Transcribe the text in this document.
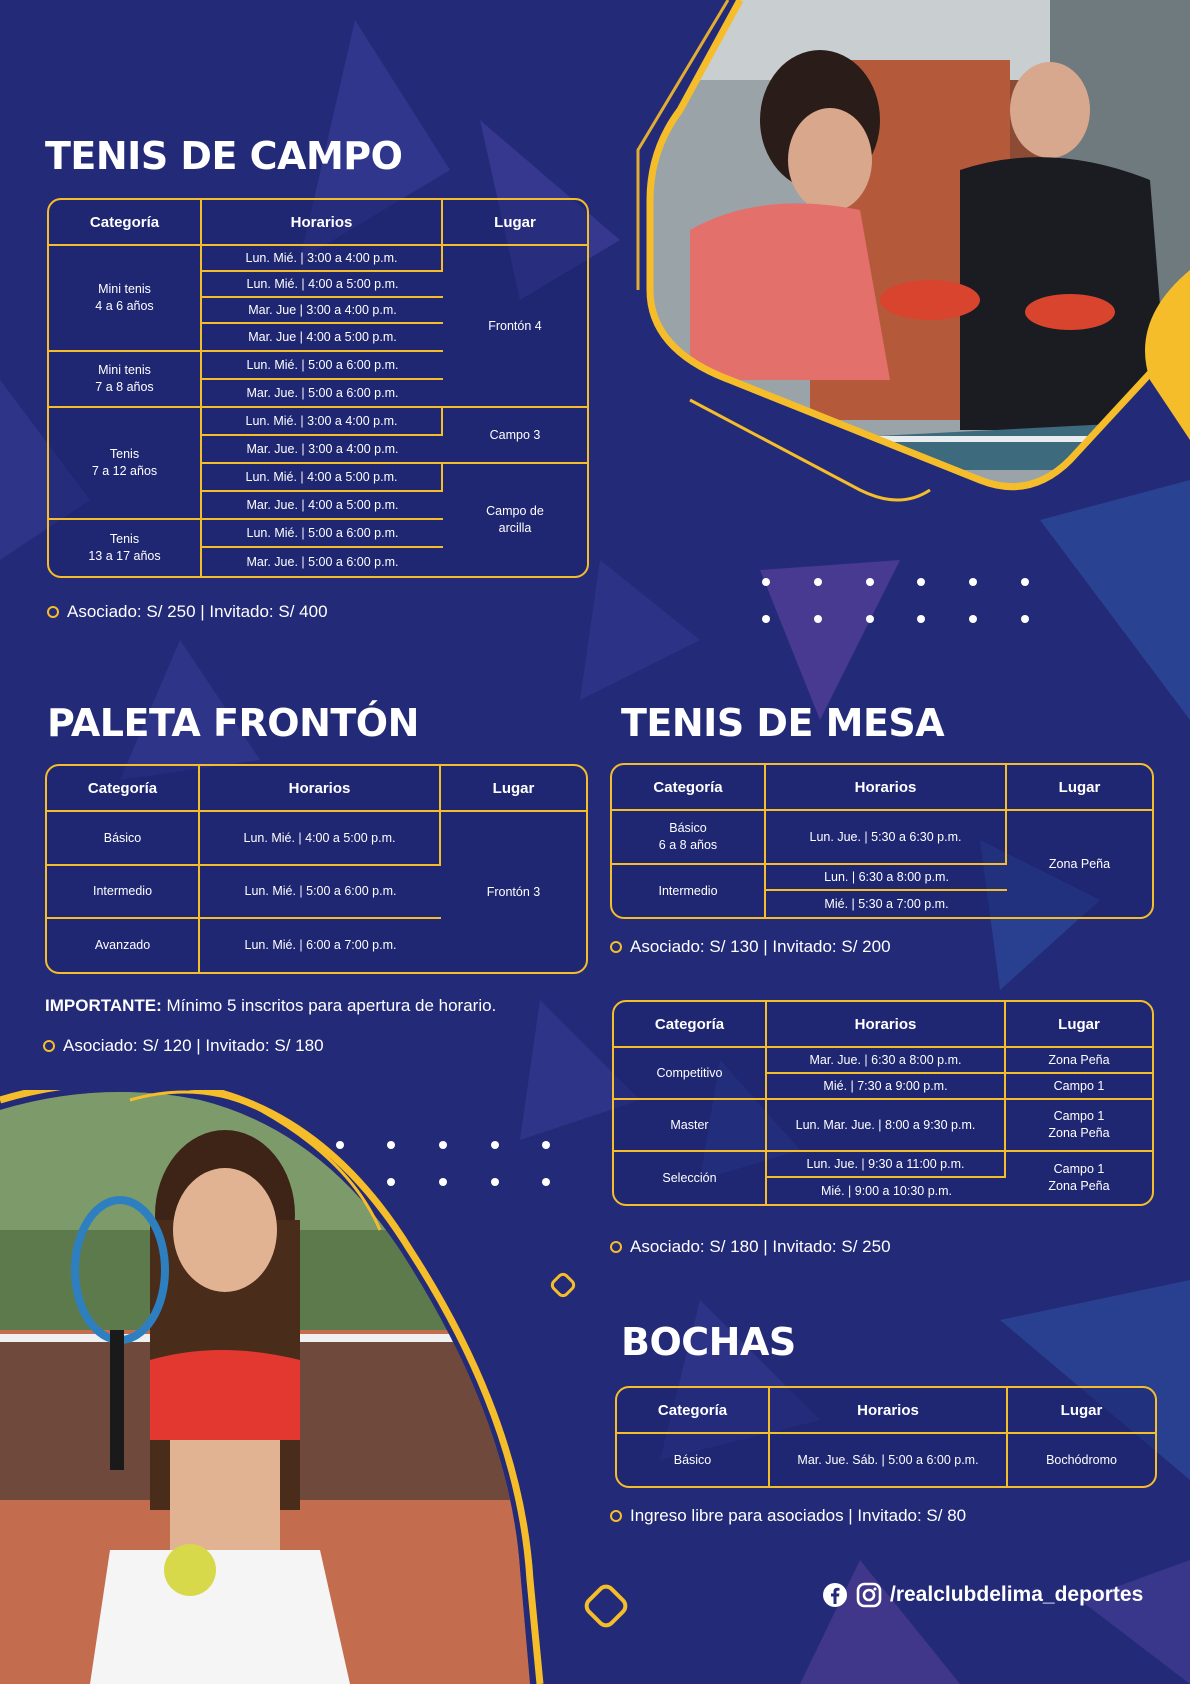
TENIS DE CAMPO
Categoría	Horarios	Lugar

Mini tenis
4 a 6 años	Lun. Mié. | 3:00 a 4:00 p.m.	Frontón 4
	Lun. Mié. | 4:00 a 5:00 p.m.	
	Mar. Jue | 3:00 a 4:00 p.m.	
	Mar. Jue | 4:00 a 5:00 p.m.	

Mini tenis
7 a 8 años	Lun. Mié. | 5:00 a 6:00 p.m.	
	Mar. Jue. | 5:00 a 6:00 p.m.	

Tenis
7 a 12 años	Lun. Mié. | 3:00 a 4:00 p.m.	Campo 3
	Mar. Jue. | 3:00 a 4:00 p.m.	
	Lun. Mié. | 4:00 a 5:00 p.m.	Campo de
arcilla

	Mar. Jue. | 4:00 a 5:00 p.m.	

Tenis
13 a 17 años	Lun. Mié. | 5:00 a 6:00 p.m.	
	Mar. Jue. | 5:00 a 6:00 p.m.	
Asociado: S/ 250 | Invitado: S/ 400
PALETA FRONTÓN
Categoría	Horarios	Lugar
Básico	Lun. Mié. | 4:00 a 5:00 p.m.	Frontón 3
Intermedio	Lun. Mié. | 5:00 a 6:00 p.m.	
Avanzado	Lun. Mié. | 6:00 a 7:00 p.m.	
IMPORTANTE: Mínimo 5 inscritos para apertura de horario.
Asociado: S/ 120 | Invitado: S/ 180
TENIS DE MESA
Categoría	Horarios	Lugar

Básico
6 a 8 años	Lun. Jue. | 5:30 a 6:30 p.m.	Zona Peña
Intermedio	Lun. | 6:30 a 8:00 p.m.	
	Mié. | 5:30 a 7:00 p.m.	
Asociado: S/ 130 | Invitado: S/ 200
Categoría	Horarios	Lugar
Competitivo	Mar. Jue. | 6:30 a 8:00 p.m.	Zona Peña
	Mié. | 7:30 a 9:00 p.m.	Campo 1
Master	Lun. Mar. Jue. | 8:00 a 9:30 p.m.	Campo 1
Zona Peña

Selección	Lun. Jue. | 9:30 a 11:00 p.m.	Campo 1
Zona Peña

	Mié. | 9:00 a 10:30 p.m.	
Asociado: S/ 180 | Invitado: S/ 250
BOCHAS
Categoría	Horarios	Lugar
Básico	Mar. Jue. Sáb. | 5:00 a 6:00 p.m.	Bochódromo
Ingreso libre para asociados | Invitado: S/ 80
/realclubdelima_deportes
